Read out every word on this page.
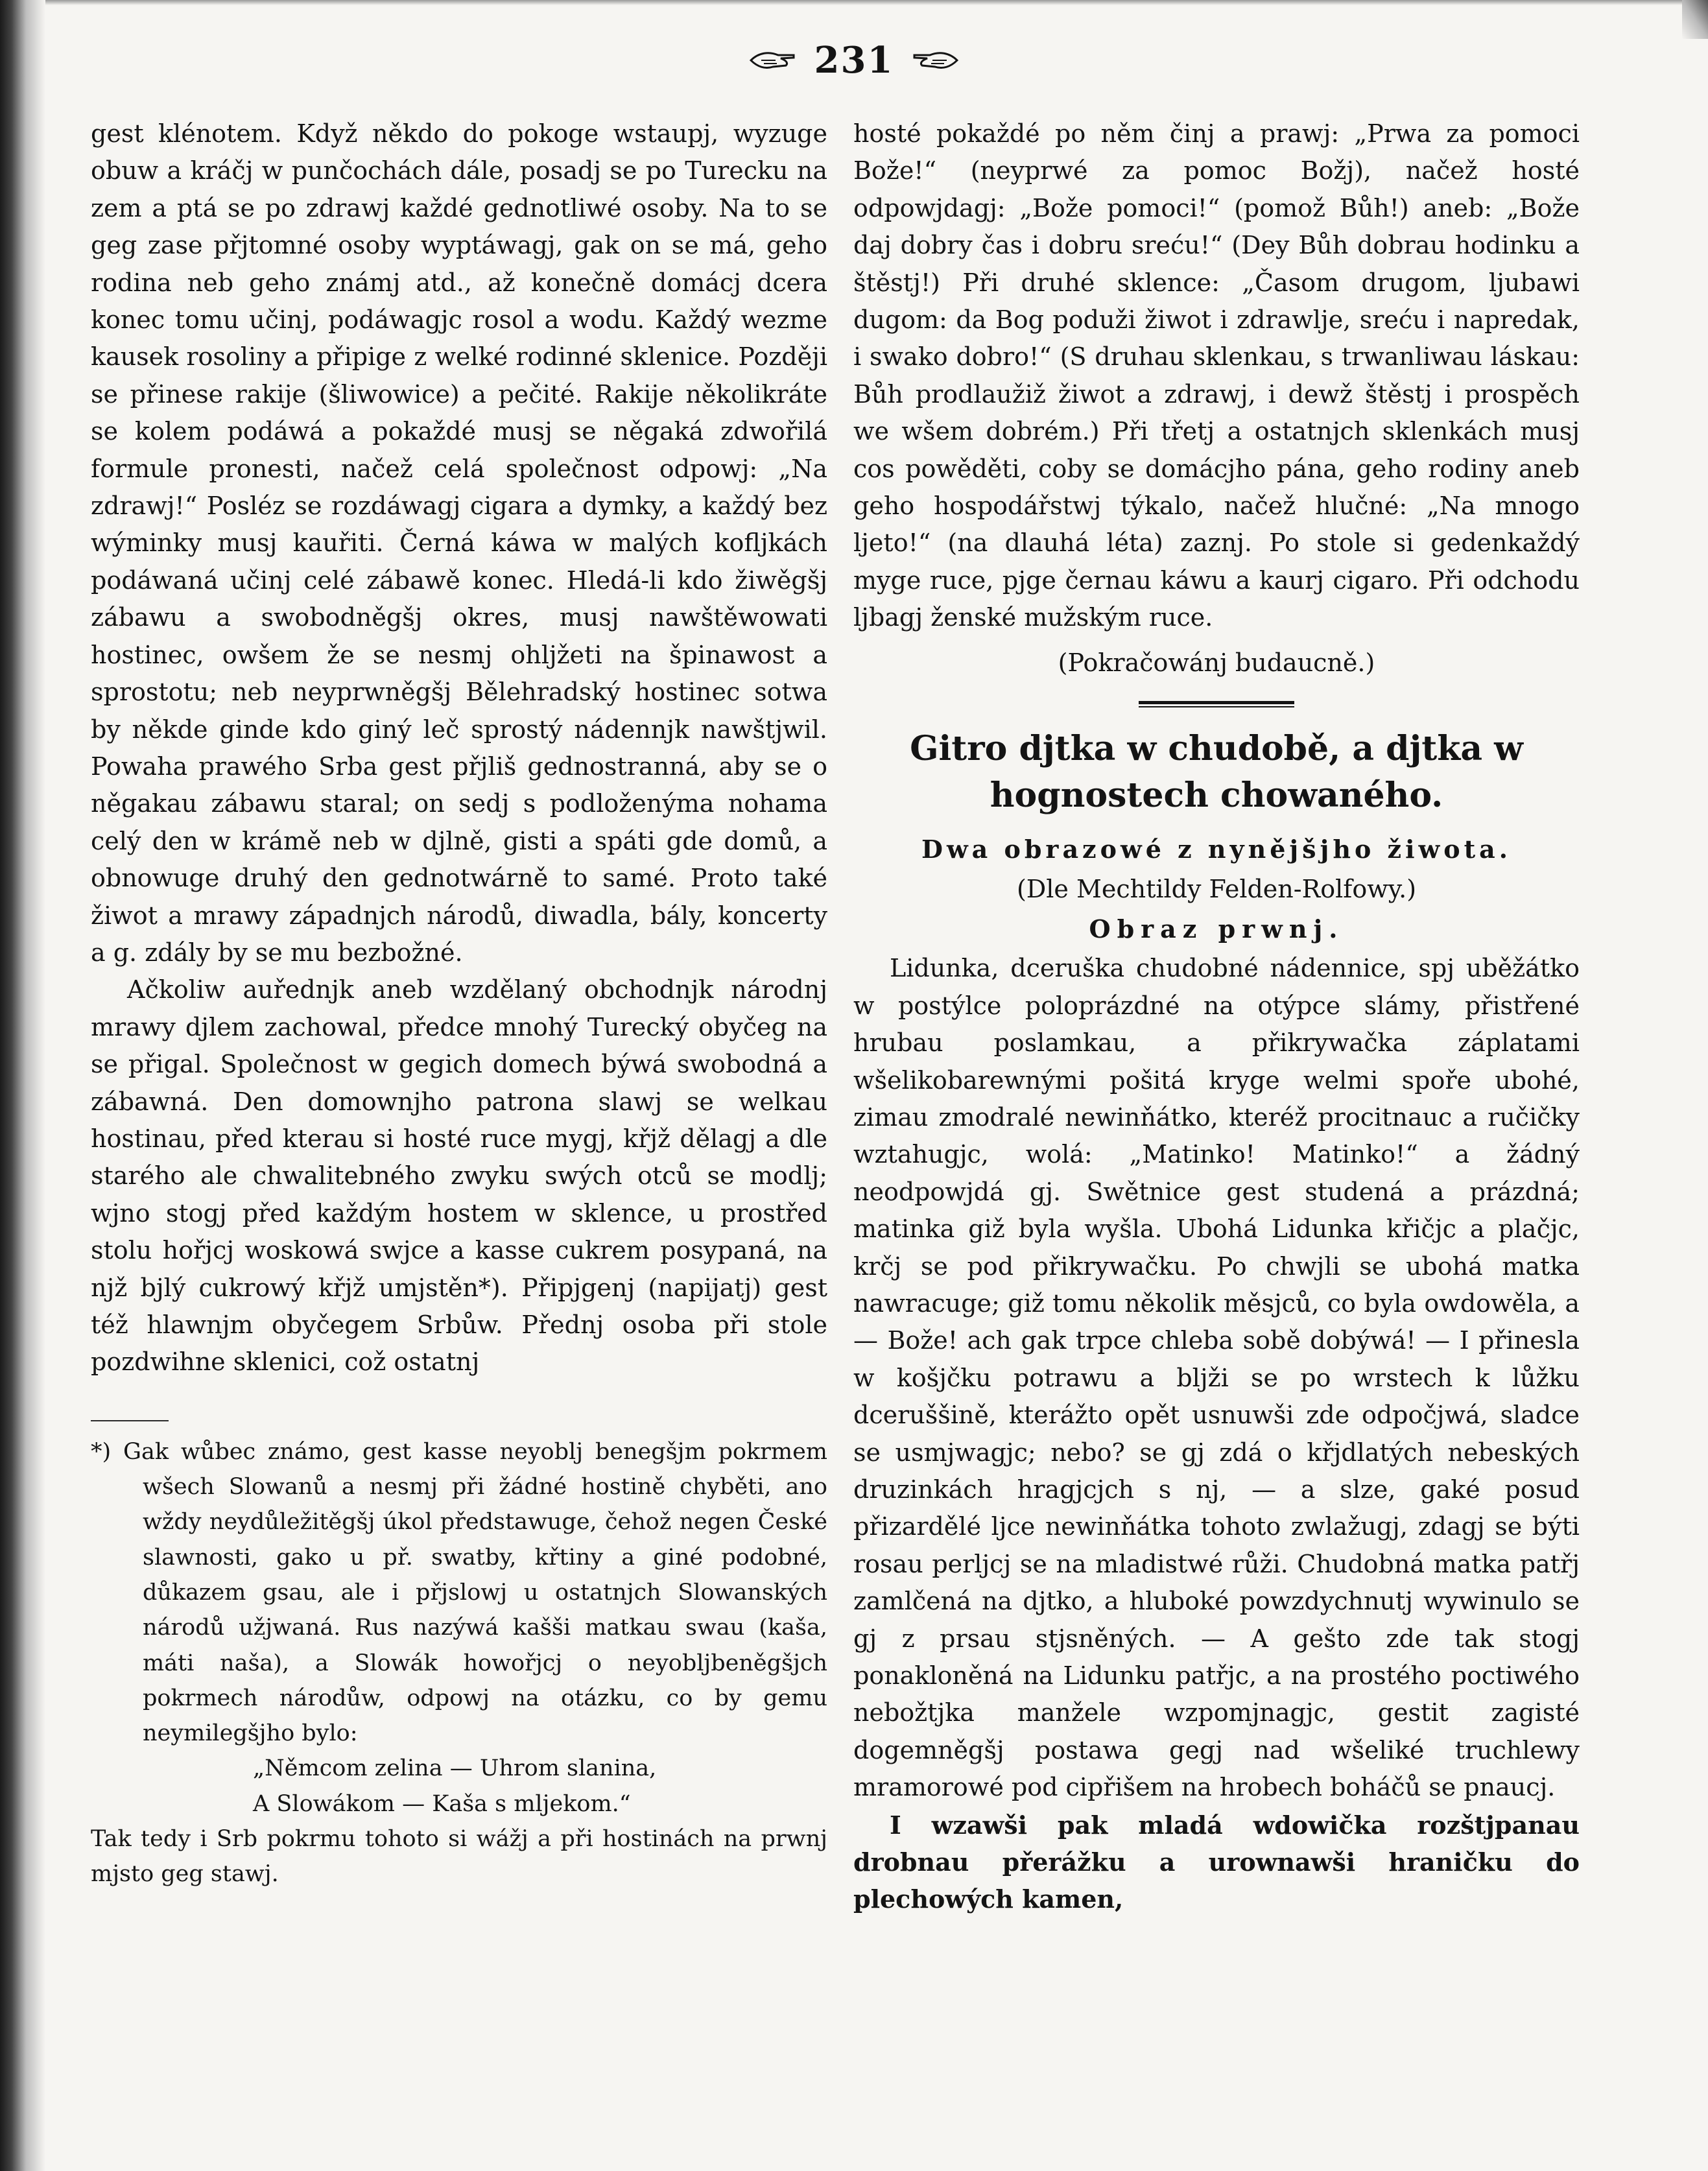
231

gest klénotem. Když někdo do pokoge wstaupj, wyzuge obuw a kráčj w punčochách dále, posadj se po Turecku na zem a ptá se po zdrawj každé gednotliwé osoby. Na to se geg zase přjtomné osoby wyptáwagj, gak on se má, geho rodina neb geho známj atd., až konečně domácj dcera konec tomu učinj, podáwagjc rosol a wodu. Každý wezme kausek rosoliny a připige z welké rodinné sklenice. Později se přinese rakije (šliwowice) a pečité. Rakije několikráte se kolem podáwá a pokaždé musj se něgaká zdwořilá formule pronesti, načež celá společnost odpowj: „Na zdrawj!“ Posléz se rozdáwagj cigara a dymky, a každý bez wýminky musj kauřiti. Černá káwa w malých kofljkách podáwaná učinj celé zábawě konec. Hledá-li kdo žiwěgšj zábawu a swobodněgšj okres, musj nawštěwowati hostinec, owšem že se nesmj ohljžeti na špinawost a sprostotu; neb neyprwněgšj Bělehradský hostinec sotwa by někde ginde kdo giný leč sprostý nádennjk nawštjwil. Powaha prawého Srba gest přjliš gednostranná, aby se o něgakau zábawu staral; on sedj s podloženýma nohama celý den w krámě neb w djlně, gisti a spáti gde domů, a obnowuge druhý den gednotwárně to samé. Proto také žiwot a mrawy západnjch národů, diwadla, bály, koncerty a g. zdály by se mu bezbožné.

Ačkoliw auřednjk aneb wzdělaný obchodnjk národnj mrawy djlem zachowal, předce mnohý Turecký obyčeg na se přigal. Společnost w gegich domech býwá swobodná a zábawná. Den domownjho patrona slawj se welkau hostinau, před kterau si hosté ruce mygj, křjž dělagj a dle starého ale chwalitebného zwyku swých otců se modlj; wjno stogj před každým hostem w sklence, u prostřed stolu hořjcj woskowá swjce a kasse cukrem posypaná, na njž bjlý cukrowý křjž umjstěn*). Připjgenj (napijatj) gest též hlawnjm obyčegem Srbůw. Přednj osoba při stole pozdwihne sklenici, což ostatnj

*) Gak wůbec známo, gest kasse neyoblj benegšjm pokrmem wšech Slowanů a nesmj při žádné hostině chyběti, ano wždy neydůležitěgšj úkol předstawuge, čehož negen České slawnosti, gako u př. swatby, křtiny a giné podobné, důkazem gsau, ale i přjslowj u ostatnjch Slowanských národů užjwaná. Rus nazýwá kašši matkau swau (kaša, máti naša), a Slowák howořjcj o neyobljbeněgšjch pokrmech národůw, odpowj na otázku, co by gemu neymilegšjho bylo:

„Němcom zelina — Uhrom slanina,

A Slowákom — Kaša s mljekom.“

Tak tedy i Srb pokrmu tohoto si wážj a při hostinách na prwnj mjsto geg stawj.

hosté pokaždé po něm činj a prawj: „Prwa za pomoci Bože!“ (neyprwé za pomoc Božj), načež hosté odpowjdagj: „Bože pomoci!“ (pomož Bůh!) aneb: „Bože daj dobry čas i dobru sreću!“ (Dey Bůh dobrau hodinku a štěstj!) Při druhé sklence: „Časom drugom, ljubawi dugom: da Bog poduži žiwot i zdrawlje, sreću i napredak, i swako dobro!“ (S druhau sklenkau, s trwanliwau láskau: Bůh prodlaužiž žiwot a zdrawj, i dewž štěstj i prospěch we wšem dobrém.) Při třetj a ostatnjch sklenkách musj cos powěděti, coby se domácjho pána, geho rodiny aneb geho hospodářstwj týkalo, načež hlučné: „Na mnogo ljeto!“ (na dlauhá léta) zaznj. Po stole si gedenkaždý myge ruce, pjge černau káwu a kaurj cigaro. Při odchodu ljbagj ženské mužským ruce.

(Pokračowánj budaucně.)

Gitro djtka w chudobě, a djtka w hognostech chowaného.

Dwa obrazowé z nynějšjho žiwota.

(Dle Mechtildy Felden-Rolfowy.)

Obraz prwnj.

Lidunka, dceruška chudobné nádennice, spj uběžátko w postýlce poloprázdné na otýpce slámy, přistřené hrubau poslamkau, a přikrywačka záplatami wšelikobarewnými pošitá kryge welmi spoře ubohé, zimau zmodralé newinňátko, kteréž procitnauc a ručičky wztahugjc, wolá: „Matinko! Matinko!“ a žádný neodpowjdá gj. Swětnice gest studená a prázdná; matinka giž byla wyšla. Ubohá Lidunka křičjc a plačjc, krčj se pod přikrywačku. Po chwjli se ubohá matka nawracuge; giž tomu několik měsjců, co byla owdowěla, a — Bože! ach gak trpce chleba sobě dobýwá! — I přinesla w košjčku potrawu a bljži se po wrstech k lůžku dceruššině, kterážto opět usnuwši zde odpočjwá, sladce se usmjwagjc; nebo? se gj zdá o křjdlatých nebeských druzinkách hragjcjch s nj, — a slze, gaké posud přizardělé ljce newinňátka tohoto zwlažugj, zdagj se býti rosau perljcj se na mladistwé růži. Chudobná matka patřj zamlčená na djtko, a hluboké powzdychnutj wywinulo se gj z prsau stjsněných. — A gešto zde tak stogj ponakloněná na Lidunku patřjc, a na prostého poctiwého nebožtjka manžele wzpomjnagjc, gestit zagisté dogemněgšj postawa gegj nad wšeliké truchlewy mramorowé pod cipřišem na hrobech boháčů se pnaucj.

I wzawši pak mladá wdowička rozštjpanau drobnau přerážku a urownawši hraničku do plechowých kamen,
